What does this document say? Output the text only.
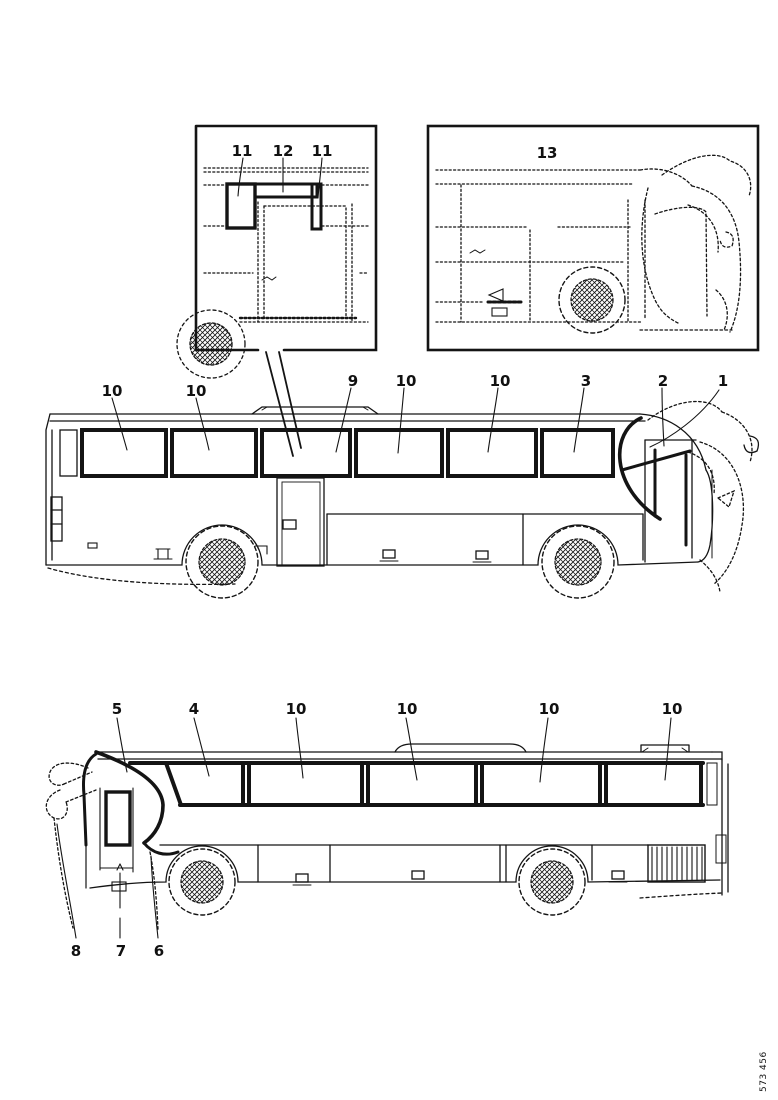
11 12 11	13
10	10
9 10	10	3	2	1
5	4	10	10	10	10
8 7 6
573 456
